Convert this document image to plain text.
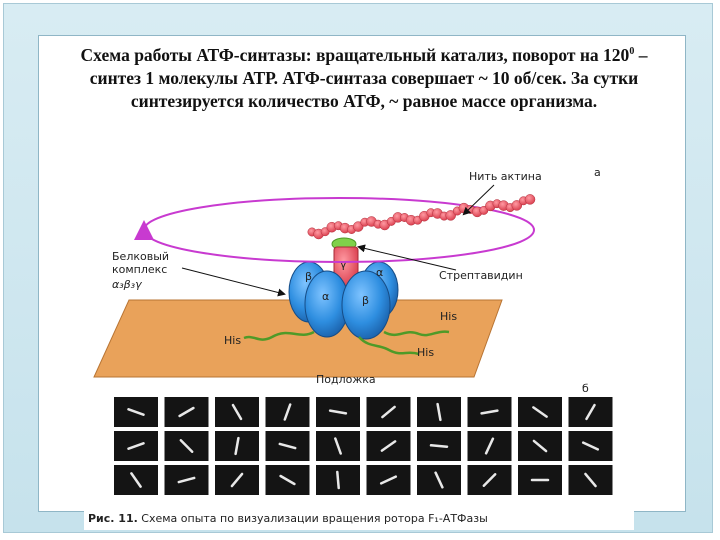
Схема работы АТФ-синтазы: вращательный катализ, поворот на $120^0$ – синтез 1 молекулы АТР. АТФ-синтаза совершает ~ 10 об/сек. За сутки синтезируется количество АТФ, ~ равное массе организма.
γ
β
α	β
α
His
His
His
Нить актина	а
Белковый
комплекс
α₃β₃γ
Стрептавидин
Подложка
б
Рис. 11. Схема опыта по визуализации вращения ротора F₁-АТФазы
